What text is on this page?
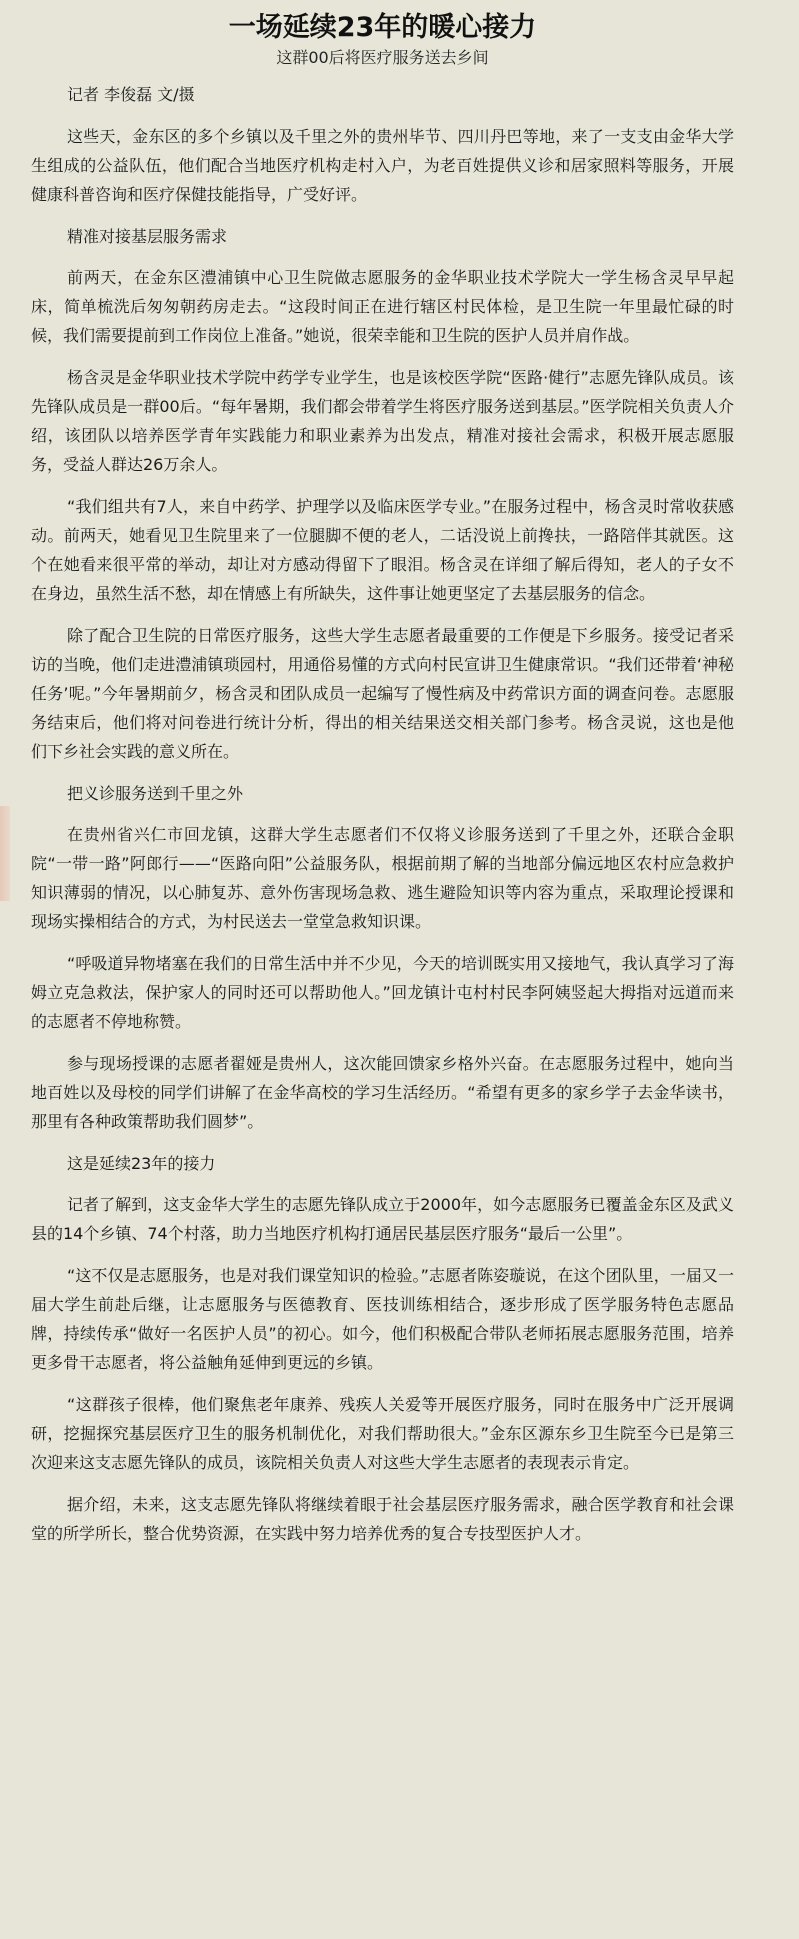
一场延续23年的暖心接力

这群00后将医疗服务送去乡间

记者 李俊磊 文/摄

这些天，金东区的多个乡镇以及千里之外的贵州毕节、四川丹巴等地，来了一支支由金华大学生组成的公益队伍，他们配合当地医疗机构走村入户，为老百姓提供义诊和居家照料等服务，开展健康科普咨询和医疗保健技能指导，广受好评。

精准对接基层服务需求

前两天，在金东区澧浦镇中心卫生院做志愿服务的金华职业技术学院大一学生杨含灵早早起床，简单梳洗后匆匆朝药房走去。“这段时间正在进行辖区村民体检，是卫生院一年里最忙碌的时候，我们需要提前到工作岗位上准备。”她说，很荣幸能和卫生院的医护人员并肩作战。

杨含灵是金华职业技术学院中药学专业学生，也是该校医学院“医路·健行”志愿先锋队成员。该先锋队成员是一群00后。“每年暑期，我们都会带着学生将医疗服务送到基层。”医学院相关负责人介绍，该团队以培养医学青年实践能力和职业素养为出发点，精准对接社会需求，积极开展志愿服务，受益人群达26万余人。

“我们组共有7人，来自中药学、护理学以及临床医学专业。”在服务过程中，杨含灵时常收获感动。前两天，她看见卫生院里来了一位腿脚不便的老人，二话没说上前搀扶，一路陪伴其就医。这个在她看来很平常的举动，却让对方感动得留下了眼泪。杨含灵在详细了解后得知，老人的子女不在身边，虽然生活不愁，却在情感上有所缺失，这件事让她更坚定了去基层服务的信念。

除了配合卫生院的日常医疗服务，这些大学生志愿者最重要的工作便是下乡服务。接受记者采访的当晚，他们走进澧浦镇琐园村，用通俗易懂的方式向村民宣讲卫生健康常识。“我们还带着‘神秘任务’呢。”今年暑期前夕，杨含灵和团队成员一起编写了慢性病及中药常识方面的调查问卷。志愿服务结束后，他们将对问卷进行统计分析，得出的相关结果送交相关部门参考。杨含灵说，这也是他们下乡社会实践的意义所在。

把义诊服务送到千里之外

在贵州省兴仁市回龙镇，这群大学生志愿者们不仅将义诊服务送到了千里之外，还联合金职院“一带一路”阿郎行——“医路向阳”公益服务队，根据前期了解的当地部分偏远地区农村应急救护知识薄弱的情况，以心肺复苏、意外伤害现场急救、逃生避险知识等内容为重点，采取理论授课和现场实操相结合的方式，为村民送去一堂堂急救知识课。

“呼吸道异物堵塞在我们的日常生活中并不少见，今天的培训既实用又接地气，我认真学习了海姆立克急救法，保护家人的同时还可以帮助他人。”回龙镇计屯村村民李阿姨竖起大拇指对远道而来的志愿者不停地称赞。

参与现场授课的志愿者翟娅是贵州人，这次能回馈家乡格外兴奋。在志愿服务过程中，她向当地百姓以及母校的同学们讲解了在金华高校的学习生活经历。“希望有更多的家乡学子去金华读书，那里有各种政策帮助我们圆梦”。

这是延续23年的接力

记者了解到，这支金华大学生的志愿先锋队成立于2000年，如今志愿服务已覆盖金东区及武义县的14个乡镇、74个村落，助力当地医疗机构打通居民基层医疗服务“最后一公里”。

“这不仅是志愿服务，也是对我们课堂知识的检验。”志愿者陈姿璇说，在这个团队里，一届又一届大学生前赴后继，让志愿服务与医德教育、医技训练相结合，逐步形成了医学服务特色志愿品牌，持续传承“做好一名医护人员”的初心。如今，他们积极配合带队老师拓展志愿服务范围，培养更多骨干志愿者，将公益触角延伸到更远的乡镇。

“这群孩子很棒，他们聚焦老年康养、残疾人关爱等开展医疗服务，同时在服务中广泛开展调研，挖掘探究基层医疗卫生的服务机制优化，对我们帮助很大。”金东区源东乡卫生院至今已是第三次迎来这支志愿先锋队的成员，该院相关负责人对这些大学生志愿者的表现表示肯定。

据介绍，未来，这支志愿先锋队将继续着眼于社会基层医疗服务需求，融合医学教育和社会课堂的所学所长，整合优势资源，在实践中努力培养优秀的复合专技型医护人才。
